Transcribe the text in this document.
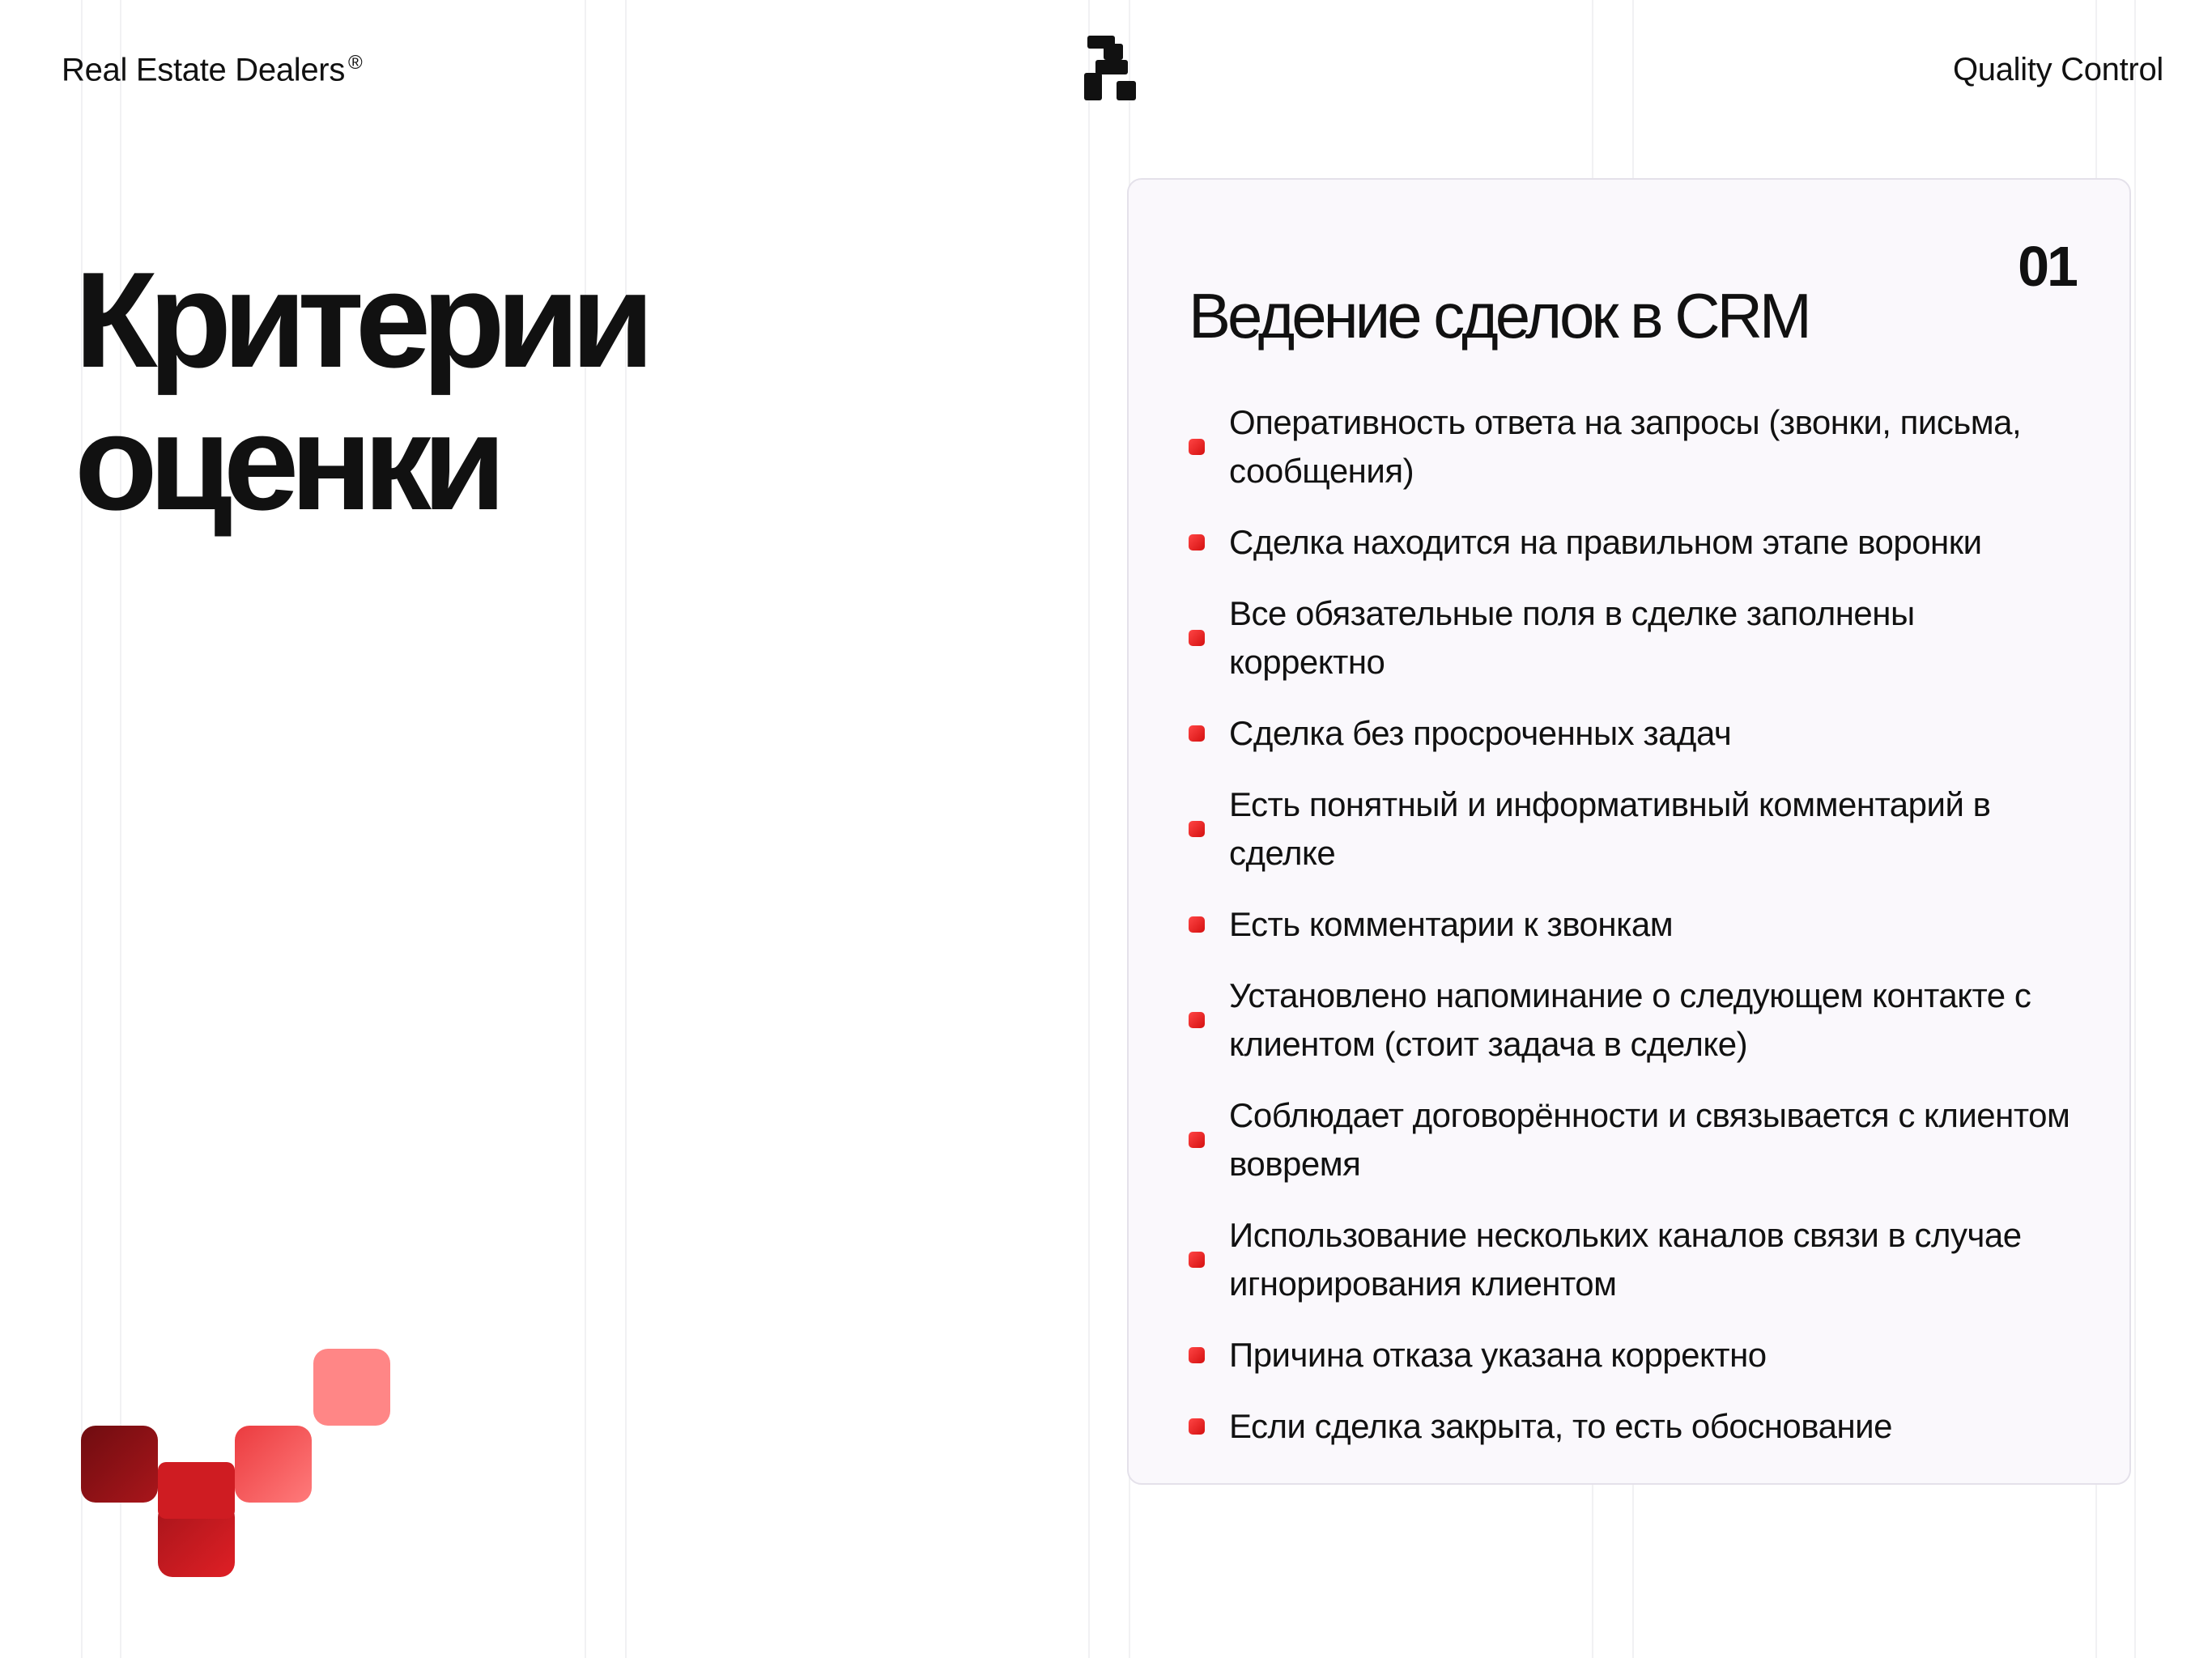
Real Estate Dealers ®	Quality Control
Критерии
оценки
Ведение сделок в CRM
01
Оперативность ответа на запросы (звонки, письма, сообщения)
Сделка находится на правильном этапе воронки
Все обязательные поля в сделке заполнены корректно
Сделка без просроченных задач
Есть понятный и информативный комментарий в сделке
Есть комментарии к звонкам
Установлено напоминание о следующем контакте с клиентом (стоит задача в сделке)
Соблюдает договорённости и связывается с клиентом вовремя
Использование нескольких каналов связи в случае игнорирования клиентом
Причина отказа указана корректно
Если сделка закрыта, то есть обоснование
